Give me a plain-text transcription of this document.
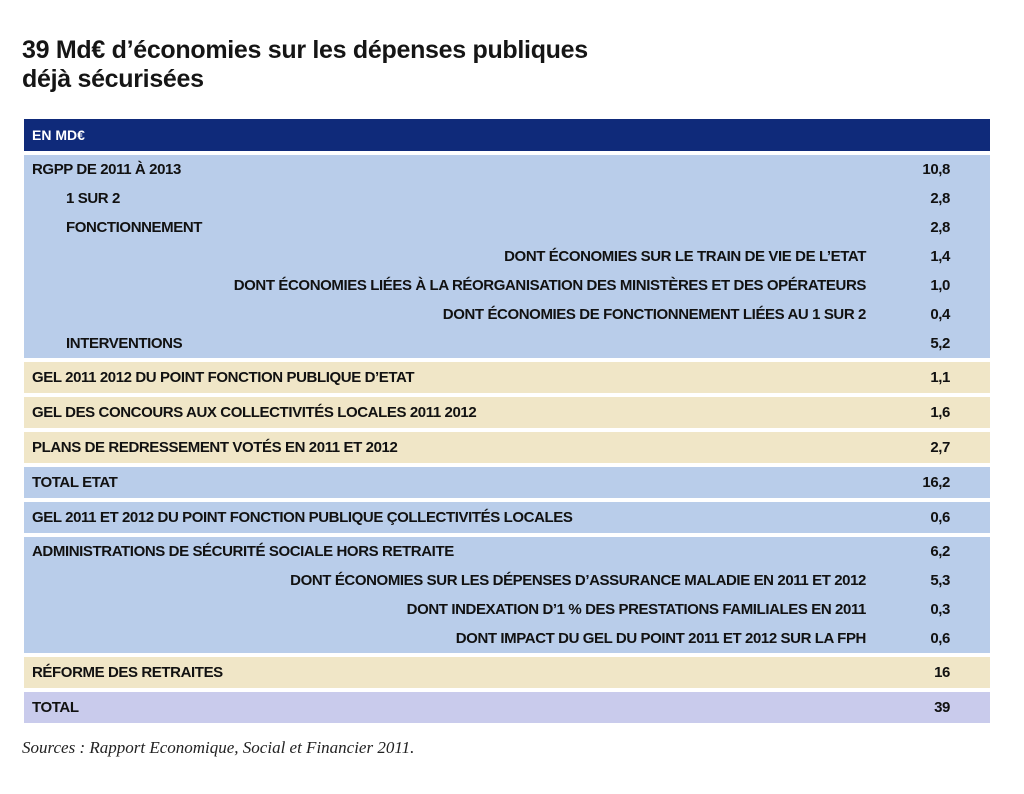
39 Md€ d’économies sur les dépenses publiques
déjà sécurisées
EN MD€
RGPP DE 2011 À 2013	10,8
1 SUR 2	2,8
FONCTIONNEMENT	2,8
DONT ÉCONOMIES SUR LE TRAIN DE VIE DE L’ETAT	1,4
DONT ÉCONOMIES LIÉES À LA RÉORGANISATION DES MINISTÈRES ET DES OPÉRATEURS	1,0
DONT ÉCONOMIES DE FONCTIONNEMENT LIÉES AU 1 SUR 2	0,4
INTERVENTIONS	5,2
GEL 2011 2012 DU POINT FONCTION PUBLIQUE D’ETAT	1,1
GEL DES CONCOURS AUX COLLECTIVITÉS LOCALES 2011 2012	1,6
PLANS DE REDRESSEMENT VOTÉS EN 2011 ET 2012	2,7
TOTAL ETAT	16,2
GEL 2011 ET 2012 DU POINT FONCTION PUBLIQUE ÇOLLECTIVITÉS LOCALES	0,6
ADMINISTRATIONS DE SÉCURITÉ SOCIALE HORS RETRAITE	6,2
DONT ÉCONOMIES SUR LES DÉPENSES D’ASSURANCE MALADIE EN 2011 ET 2012	5,3
DONT INDEXATION D’1 % DES PRESTATIONS FAMILIALES EN 2011	0,3
DONT IMPACT DU GEL DU POINT 2011 ET 2012 SUR LA FPH	0,6
RÉFORME DES RETRAITES	16
TOTAL	39
Sources : Rapport Economique, Social et Financier 2011.
